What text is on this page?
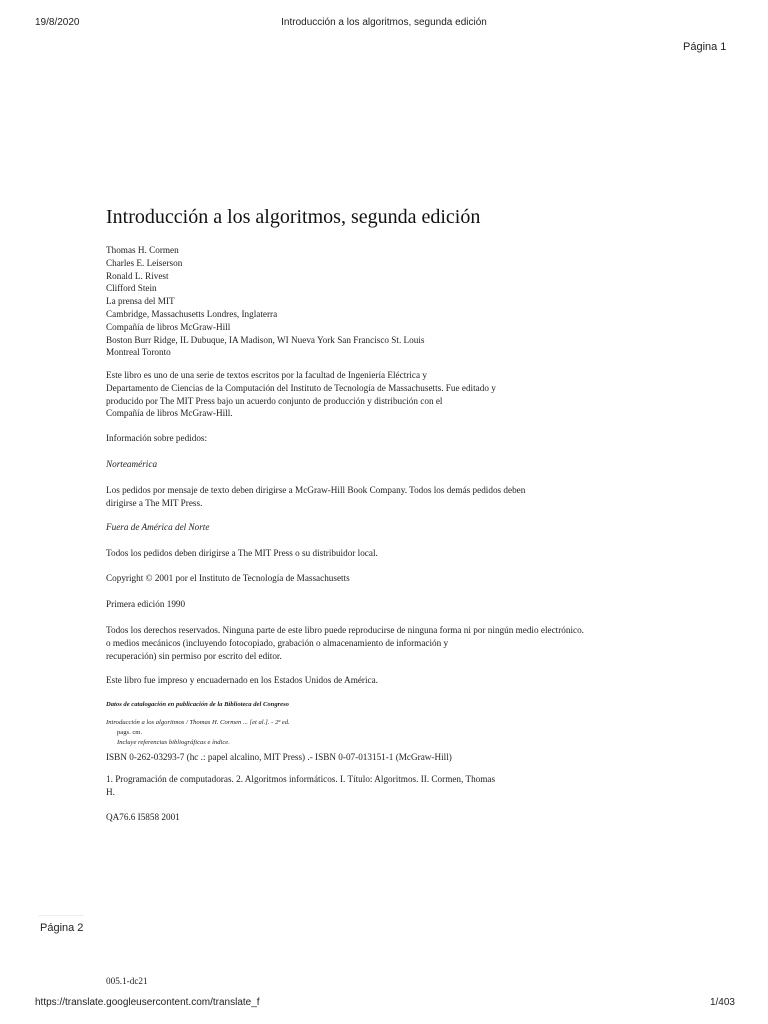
19/8/2020	Introducción a los algoritmos, segunda edición
Página 1
Introducción a los algoritmos, segunda edición
Thomas H. Cormen
Charles E. Leiserson
Ronald L. Rivest
Clifford Stein
La prensa del MIT
Cambridge, Massachusetts Londres, Inglaterra
Compañía de libros McGraw-Hill
Boston Burr Ridge, IL Dubuque, IA Madison, WI Nueva York San Francisco St. Louis
Montreal Toronto
Este libro es uno de una serie de textos escritos por la facultad de Ingeniería Eléctrica y
Departamento de Ciencias de la Computación del Instituto de Tecnología de Massachusetts. Fue editado y
producido por The MIT Press bajo un acuerdo conjunto de producción y distribución con el
Compañía de libros McGraw-Hill.
Información sobre pedidos:
Norteamérica
Los pedidos por mensaje de texto deben dirigirse a McGraw-Hill Book Company. Todos los demás pedidos deben
dirigirse a The MIT Press.
Fuera de América del Norte
Todos los pedidos deben dirigirse a The MIT Press o su distribuidor local.
Copyright © 2001 por el Instituto de Tecnología de Massachusetts
Primera edición 1990
Todos los derechos reservados. Ninguna parte de este libro puede reproducirse de ninguna forma ni por ningún medio electrónico.
o medios mecánicos (incluyendo fotocopiado, grabación o almacenamiento de información y
recuperación) sin permiso por escrito del editor.
Este libro fue impreso y encuadernado en los Estados Unidos de América.
Datos de catalogación en publicación de la Biblioteca del Congreso
Introducción a los algoritmos / Thomas H. Cormen ... [et al.]. - 2ª ed.
pags. cm.
Incluye referencias bibliográficas e índice.
ISBN 0-262-03293-7 (hc .: papel alcalino, MIT Press) .- ISBN 0-07-013151-1 (McGraw-Hill)
1. Programación de computadoras. 2. Algoritmos informáticos. I. Título: Algoritmos. II. Cormen, Thomas
H.
QA76.6 I5858 2001
Página 2
005.1-dc21
https://translate.googleusercontent.com/translate_f	1/403
